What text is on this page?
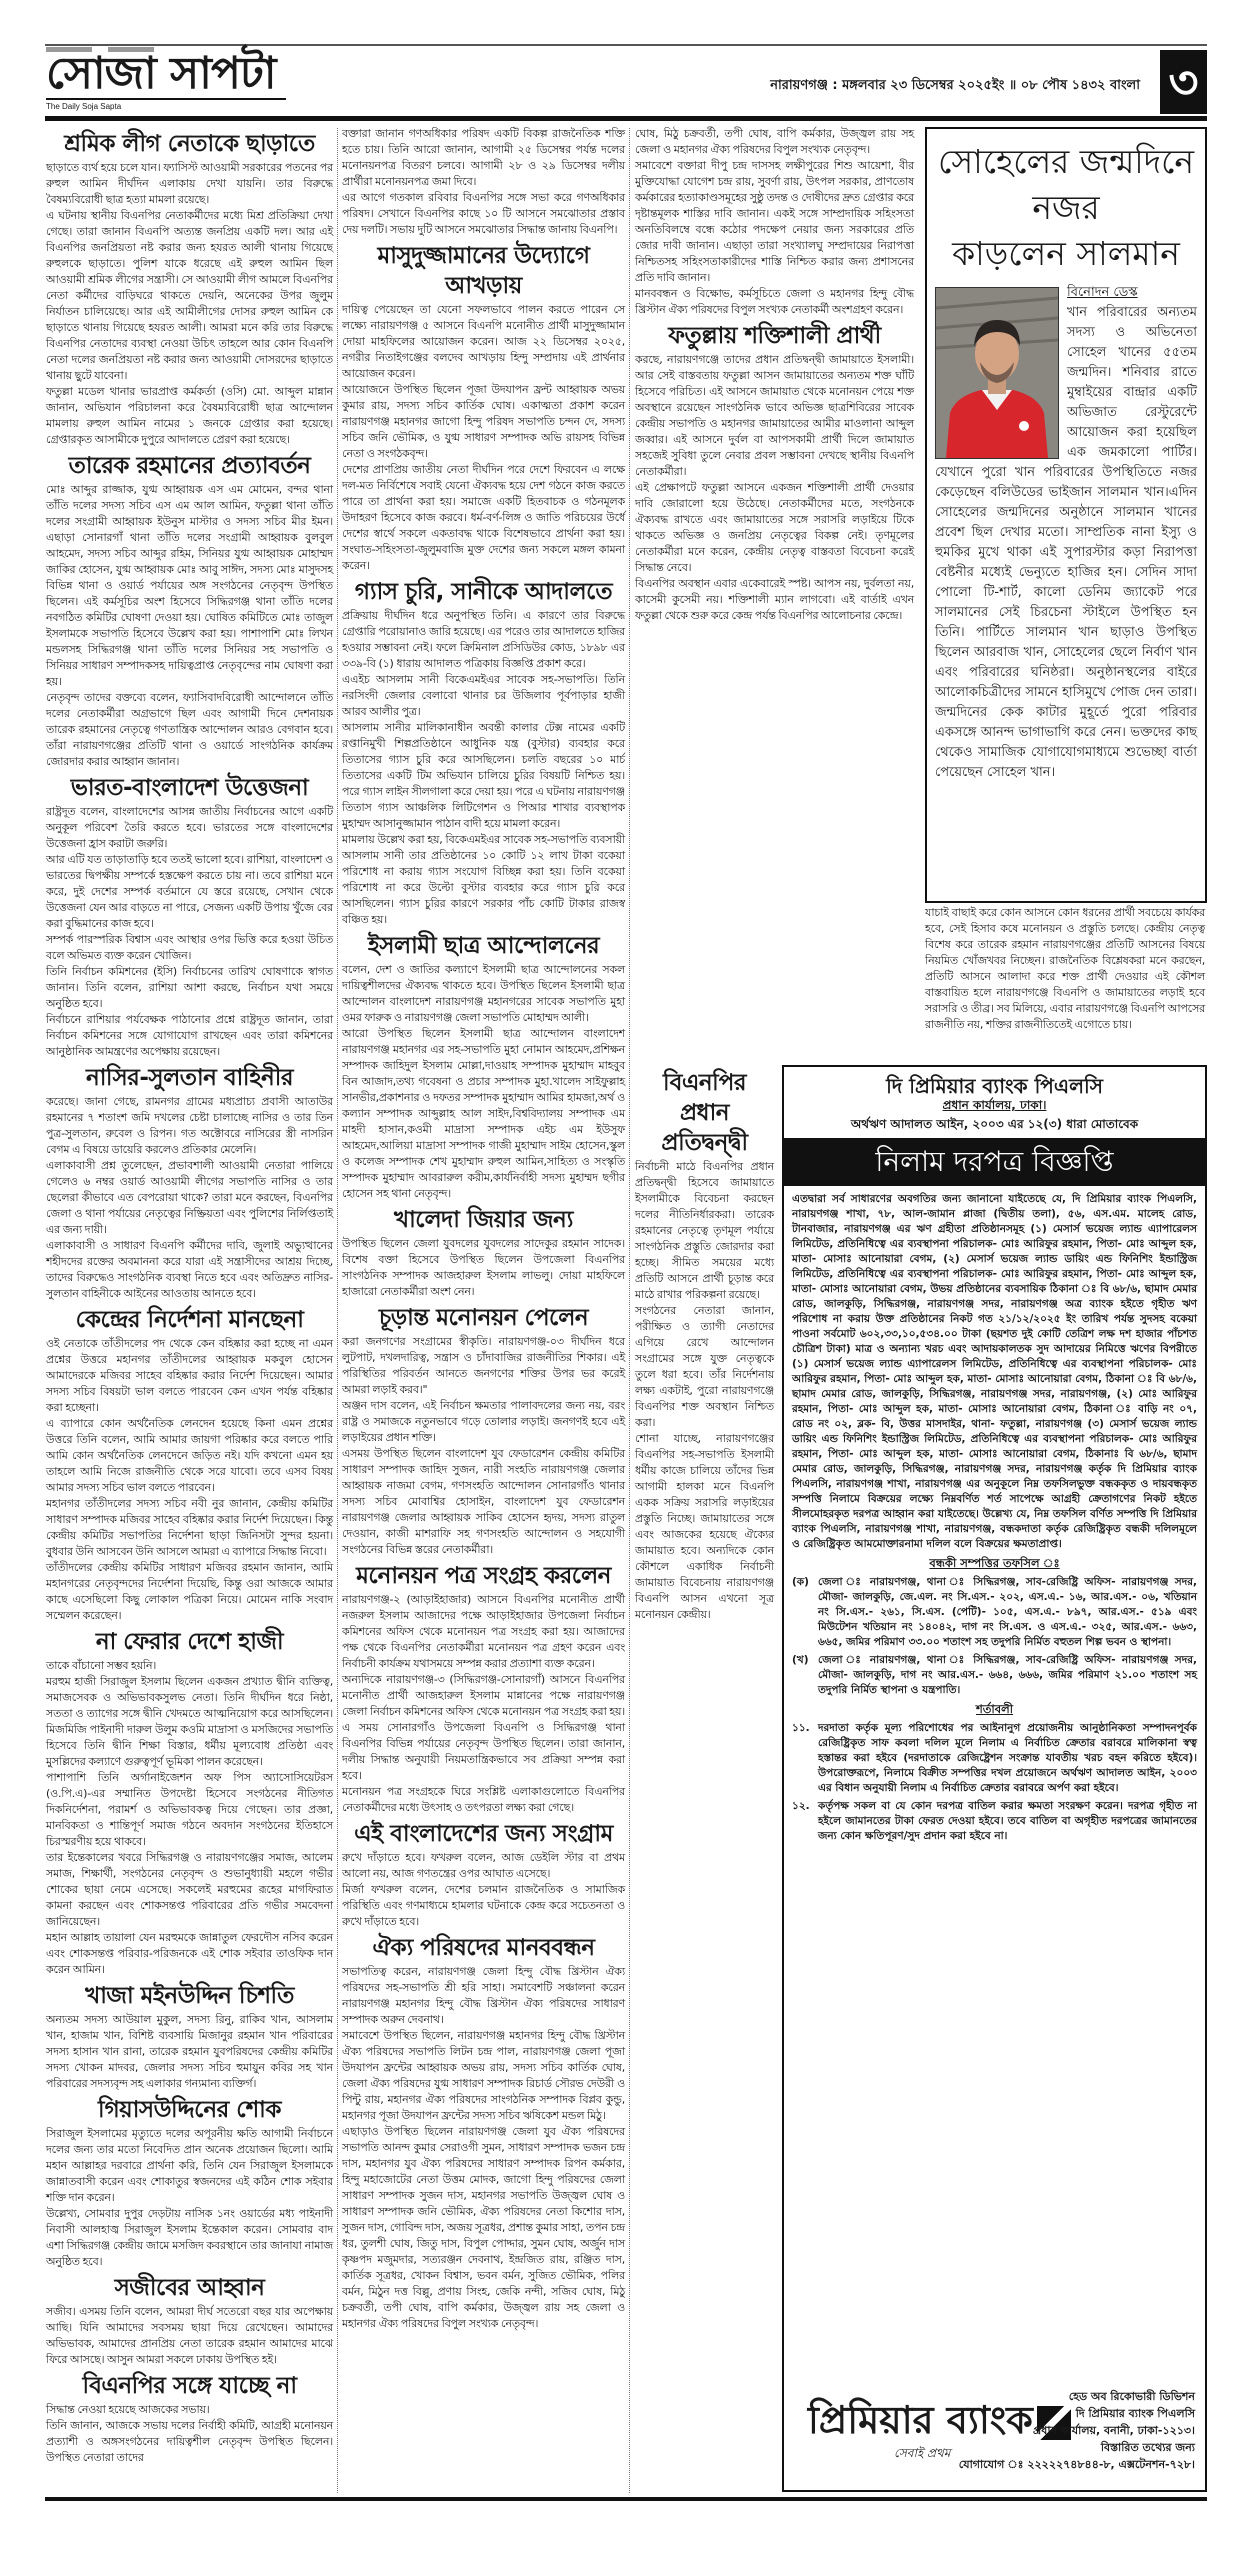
সোজা সাপটা
The Daily Soja Sapta
নারায়ণগঞ্জ : মঙ্গলবার ২৩ ডিসেম্বর ২০২৫ইং ॥ ০৮ পৌষ ১৪৩২ বাংলা ৩
শ্রমিক লীগ নেতাকে ছাড়াতে

ছাড়াতে ব্যর্থ হয়ে চলে যান। ফ্যাসিস্ট আওয়ামী সরকারের পতনের পর রুহুল আমিন দীর্ঘদিন এলাকায় দেখা যায়নি। তার বিরুদ্ধে বৈষম্যবিরোধী ছাত্র হত্যা মামলা রয়েছে।

এ ঘটনায় স্থানীয় বিএনপির নেতাকর্মীদের মধ্যে মিশ্র প্রতিক্রিয়া দেখা গেছে। তারা জানান বিএনপি অত্যন্ত জনপ্রিয় একটি দল। আর এই বিএনপির জনপ্রিয়তা নষ্ট করার জন্য হযরত আলী থানায় গিয়েছে রুহুলকে ছাড়াতে। পুলিশ যাকে ধরেছে এই রুহুল আমিন ছিল আওয়ামী শ্রমিক লীগের সন্ত্রাসী। সে আওয়ামী লীগ আমলে বিএনপির নেতা কর্মীদের বাড়িঘরে থাকতে দেয়নি, অনেকের উপর জুলুম নির্যাতন চালিয়েছে। আর এই আমীলীগের দোসর রুহুল আমিন কে ছাড়াতে থানায় গিয়েছে হযরত আলী। আমরা মনে করি তার বিরুদ্ধে বিএনপির নেতাদের ব্যবস্থা নেওয়া উচিৎ তাহলে আর কোন বিএনপি নেতা দলের জনপ্রিয়তা নষ্ট করার জন্য আওয়ামী দোসরদের ছাড়াতে থানায় ছুটে যাবেনা।

ফতুল্লা মডেল থানার ভারপ্রাপ্ত কর্মকর্তা (ওসি) মো. আব্দুল মান্নান জানান, অভিযান পরিচালনা করে বৈষম্যবিরোধী ছাত্র আন্দোলন মামলায় রুহুল আমিন নামের ১ জনকে গ্রেপ্তার করা হয়েছে। গ্রেপ্তারকৃত আসামীকে দুপুরে আদালতে প্রেরণ করা হয়েছে।

তারেক রহমানের প্রত্যাবর্তন

মোঃ আব্দুর রাজ্জাক, যুগ্ম আহ্বায়ক এস এম মোমেন, বন্দর থানা তাঁতি দলের সদস্য সচিব এস এম আল আমিন, ফতুল্লা থানা তাঁতি দলের সংগ্রামী আহ্বায়ক ইউনুস মাস্টার ও সদস্য সচিব মীর ইমন। এছাড়া সোনারগাঁ থানা তাঁতি দলের সংগ্রামী আহ্বায়ক বুলবুল আহমেদ, সদস্য সচিব আব্দুর রহিম, সিনিয়র যুগ্ম আহ্বায়ক মোহাম্মদ জাকির হোসেন, যুগ্ম আহ্বায়ক মোঃ আবু সাঈদ, সদস্য মোঃ মাসুদসহ বিভিন্ন থানা ও ওয়ার্ড পর্যায়ের অঙ্গ সংগঠনের নেতৃবৃন্দ উপস্থিত ছিলেন। এই কর্মসূচির অংশ হিসেবে সিদ্ধিরগঞ্জ থানা তাঁতি দলের নবগঠিত কমিটির ঘোষণা দেওয়া হয়। ঘোষিত কমিটিতে মোঃ তাজুল ইসলামকে সভাপতি হিসেবে উল্লেখ করা হয়। পাশাপাশি মোঃ লিখন মন্ডলসহ সিদ্ধিরগঞ্জ থানা তাঁতি দলের সিনিয়র সহ সভাপতি ও সিনিয়র সাধারণ সম্পাদকসহ দায়িত্বপ্রাপ্ত নেতৃবৃন্দের নাম ঘোষণা করা হয়।

নেতৃবৃন্দ তাদের বক্তব্যে বলেন, ফ্যাসিবাদবিরোধী আন্দোলনে তাঁতি দলের নেতাকর্মীরা অগ্রভাগে ছিল এবং আগামী দিনে দেশনায়ক তারেক রহমানের নেতৃত্বে গণতান্ত্রিক আন্দোলন আরও বেগবান হবে। তাঁরা নারায়ণগঞ্জের প্রতিটি থানা ও ওয়ার্ডে সাংগঠনিক কার্যক্রম জোরদার করার আহ্বান জানান।

ভারত-বাংলাদেশ উত্তেজনা

রাষ্ট্রদূত বলেন, বাংলাদেশের আসন্ন জাতীয় নির্বাচনের আগে একটি অনুকূল পরিবেশ তৈরি করতে হবে। ভারতের সঙ্গে বাংলাদেশের উত্তেজনা হ্রাস করাটা জরুরি।

আর এটি যত তাড়াতাড়ি হবে ততই ভালো হবে। রাশিয়া, বাংলাদেশ ও ভারতের দ্বিপক্ষীয় সম্পর্কে হস্তক্ষেপ করতে চায় না। তবে রাশিয়া মনে করে, দুই দেশের সম্পর্ক বর্তমানে যে স্তরে রয়েছে, সেখান থেকে উত্তেজনা যেন আর বাড়তে না পারে, সেজন্য একটি উপায় খুঁজে বের করা বুদ্ধিমানের কাজ হবে।

সম্পর্ক পারস্পরিক বিশ্বাস এবং আস্থার ওপর ভিত্তি করে হওয়া উচিত বলে অভিমত ব্যক্ত করেন খোজিন।

তিনি নির্বাচন কমিশনের (ইসি) নির্বাচনের তারিখ ঘোষণাকে স্বাগত জানান। তিনি বলেন, রাশিয়া আশা করছে, নির্বাচন যথা সময়ে অনুষ্ঠিত হবে।

নির্বাচনে রাশিয়ার পর্যবেক্ষক পাঠানোর প্রশ্নে রাষ্ট্রদূত জানান, তারা নির্বাচন কমিশনের সঙ্গে যোগাযোগ রাখছেন এবং তারা কমিশনের আনুষ্ঠানিক আমন্ত্রণের অপেক্ষায় রয়েছেন।

নাসির-সুলতান বাহিনীর

করেছে। জানা গেছে, রামনগর গ্রামের মধ্যপ্রাচ্য প্রবাসী আতাউর রহমানের ৭ শতাংশ জমি দখলের চেষ্টা চালাচ্ছে নাসির ও তার তিন পুত্র-সুলতান, রুবেল ও রিপন। গত অক্টোবরে নাসিরের স্ত্রী নাসরিন বেগম এ বিষয়ে ডায়েরি করলেও প্রতিকার মেলেনি।

এলাকাবাসী প্রশ্ন তুলেছেন, প্রভাবশালী আওয়ামী নেতারা পালিয়ে গেলেও ৬ নম্বর ওয়ার্ড আওয়ামী লীগের সভাপতি নাসির ও তার ছেলেরা কীভাবে এত বেপরোয়া থাকে? তারা মনে করছেন, বিএনপির জেলা ও থানা পর্যায়ের নেতৃত্বের নিষ্ক্রিয়তা এবং পুলিশের নির্লিপ্ততাই এর জন্য দায়ী।

এলাকাবাসী ও সাধারণ বিএনপি কর্মীদের দাবি, জুলাই অভ্যুত্থানের শহীদদের রক্তের অবমাননা করে যারা এই সন্ত্রাসীদের আশ্রয় দিচ্ছে, তাদের বিরুদ্ধেও সাংগঠনিক ব্যবস্থা নিতে হবে এবং অতিদ্রুত নাসির-সুলতান বাহিনীকে আইনের আওতায় আনতে হবে।

কেন্দ্রের নির্দেশনা মানছেনা

ওই নেতাকে তাঁতীদলের পদ থেকে কেন বহিষ্কার করা হচ্ছে না এমন প্রশ্নের উত্তরে মহানগর তাঁতীদলের আহ্বায়ক মকবুল হোসেন আমাদেরকে মজিবর সাহেব বহিষ্কার করার নির্দেশ দিয়েছেন। আমার সদস্য সচিব বিষয়টা ভাল বলতে পারবেন কেন এখন পর্যন্ত বহিষ্কার করা হচ্ছেনা।

এ ব্যাপারে কোন অর্থনৈতিক লেনদেন হয়েছে কিনা এমন প্রশ্নের উত্তরে তিনি বলেন, আমি আমার জায়গা পরিষ্কার করে বলতে পারি আমি কোন অর্থনৈতিক লেনদেনে জড়িত নই। যদি কখনো এমন হয় তাহলে আমি নিজে রাজনীতি থেকে সরে যাবো। তবে এসব বিষয় আমার সদস্য সচিব ভাল বলতে পারবেন।

মহানগর তাঁতীদলের সদস্য সচিব নবী নুর জানান, কেন্দ্রীয় কমিটির সাধারণ সম্পাদক মজিবর সাহেব বহিষ্কার করার নির্দেশ দিয়েছেন। কিন্তু কেন্দ্রীয় কমিটির সভাপতির নির্দেশনা ছাড়া জিনিসটা সুন্দর হয়না। বুধবার উনি আসবেন উনি আসলে আমরা এ ব্যাপারে সিদ্ধান্ত নিবো।

তাঁতীদলের কেন্দ্রীয় কমিটির সাধারণ মজিবর রহমান জানান, আমি মহানগরের নেতৃবৃন্দদের নির্দেশনা দিয়েছি, কিন্তু ওরা আজকে আমার কাছে এসেছিলো কিছু লোকাল পত্রিকা নিয়ে। মোমেন নাকি সংবাদ সম্মেলন করেছেন।

না ফেরার দেশে হাজী

তাকে বাঁচানো সম্ভব হয়নি।

মরহুম হাজী সিরাজুল ইসলাম ছিলেন একজন প্রখ্যাত দ্বীনি ব্যক্তিত্ব, সমাজসেবক ও অভিভাবকসুলভ নেতা। তিনি দীর্ঘদিন ধরে নিষ্ঠা, সততা ও ত্যাগের সঙ্গে দ্বীনি খেদমতে আত্মনিয়োগ করে আসছিলেন। মিজমিজি পাইনাদী দারুল উলুম কওমি মাদ্রাসা ও মসজিদের সভাপতি হিসেবে তিনি দ্বীনি শিক্ষা বিস্তার, ধর্মীয় মূল্যবোধ প্রতিষ্ঠা এবং মুসল্লিদের কল্যাণে গুরুত্বপূর্ণ ভূমিকা পালন করেছেন।

পাশাপাশি তিনি অর্গানাইজেশন অফ পিস অ্যাসোসিয়েটরস (ও.পি.এ)-এর সম্মানিত উপদেষ্টা হিসেবে সংগঠনের নীতিগত দিকনির্দেশনা, পরামর্শ ও অভিভাবকত্ব দিয়ে গেছেন। তার প্রজ্ঞা, মানবিকতা ও শান্তিপূর্ণ সমাজ গঠনে অবদান সংগঠনের ইতিহাসে চিরস্মরণীয় হয়ে থাকবে।

তার ইন্তেকালের খবরে সিদ্ধিরগঞ্জ ও নারায়ণগঞ্জের সমাজ, আলেম সমাজ, শিক্ষার্থী, সংগঠনের নেতৃবৃন্দ ও শুভানুধ্যায়ী মহলে গভীর শোকের ছায়া নেমে এসেছে। সকলেই মরহুমের রূহের মাগফিরাত কামনা করছেন এবং শোকসন্তপ্ত পরিবারের প্রতি গভীর সমবেদনা জানিয়েছেন।

মহান আল্লাহ তায়ালা যেন মরহুমকে জান্নাতুল ফেরদৌস নসিব করেন এবং শোকসন্তপ্ত পরিবার-পরিজনকে এই শোক সইবার তাওফিক দান করেন আমিন।

খাজা মইনউদ্দিন চিশতি

অন্যতম সদস্য আউয়াল মুকুল, সদস্য রিনু, রাকিব খান, আসলাম খান, হাজাম খান, বিশিষ্ট ব্যবসায়ি মিজানুর রহমান খান পরিবারের সদস্য হাসান খান রানা, তারেক রহমান যুবপরিষদের কেন্দ্রীয় কমিটির সদস্য খোকন মাদবর, জেলার সদস্য সচিব হুমায়ুন কবির সহ খান পরিবারের সদস্যবৃন্দ সহ এলাকার গন্যমান্য ব্যক্তির্গ।

গিয়াসউদ্দিনের শোক

সিরাজুল ইসলামের মৃত্যুতে দলের অপূরনীয় ক্ষতি আগামী নির্বাচনে দলের জন্য তার মতো নিবেদিত প্রান অনেক প্রয়োজন ছিলো। আমি মহান আল্লাহর দরবারে প্রার্থনা করি, তিনি যেন সিরাজুল ইসলামকে জান্নাতবাসী করেন এবং শোকাতুর স্বজনদের এই কঠিন শোক সইবার শক্তি দান করেন।

উল্লেখ্য, সোমবার দুপুর দেড়টায় নাসিক ১নং ওয়ার্ডের মধ্য পাইনাদী নিবাসী আলহাজ্ব সিরাজুল ইসলাম ইন্তেকাল করেন। সোমবার বাদ এশা সিদ্ধিরগঞ্জ কেন্দ্রীয় জামে মসজিদ কবরস্থানে তার জানাযা নামাজ অনুষ্ঠিত হবে।

সজীবের আহ্বান

সজীব। এসময় তিনি বলেন, আমরা দীর্ঘ সতেরো বছর যার অপেক্ষায় আছি। যিনি আমাদের সবসময় ছায়া দিয়ে রেখেছেন। আমাদের অভিভাবক, আমাদের প্রানপ্রিয় নেতা তারেক রহমান আমাদের মাঝে ফিরে আসছে। আসুন আমরা সকলে ঢাকায় উপস্থিত হই।

বিএনপির সঙ্গে যাচ্ছে না

সিদ্ধান্ত নেওয়া হয়েছে আজকের সভায়।

তিনি জানান, আজকে সভায় দলের নির্বাহী কমিটি, আগ্রহী মনোনয়ন প্রত্যাশী ও অঙ্গসংগঠনের দায়িত্বশীল নেতৃবৃন্দ উপস্থিত ছিলেন। উপস্থিত নেতারা তাদের

বক্তারা জানান গণঅধিকার পরিষদ একটি বিকল্প রাজনৈতিক শক্তি হতে চায়। তিনি আরো জানান, আগামী ২৫ ডিসেম্বর পর্যন্ত দলের মনোনয়নপত্র বিতরণ চলবে। আগামী ২৮ ও ২৯ ডিসেম্বর দলীয় প্রার্থীরা মনোনয়নপত্র জমা দিবে।

এর আগে গতকাল রবিবার বিএনপির সঙ্গে সভা করে গণঅধিকার পরিষদ। সেখানে বিএনপির কাছে ১০ টি আসনে সমঝোতার প্রস্তাব দেয় দলটি। সভায় দুটি আসনে সমঝোতার সিদ্ধান্ত জানায় বিএনপি।

মাসুদুজ্জামানের উদ্যোগে আখড়ায়

দায়িত্ব পেয়েছেন তা যেনো সফলভাবে পালন করতে পারেন সে লক্ষ্যে নারায়ণগঞ্জ ৫ আসনে বিএনপি মনোনীত প্রার্থী মাসুদুজ্জামান দোয়া মাহফিলের আয়োজন করেন। আজ ২২ ডিসেম্বর ২০২৫, নগরীর নিতাইগঞ্জের বলদেব আখড়ায় হিন্দু সম্প্রদায় এই প্রার্থনার আয়োজন করেন।

আয়োজনে উপস্থিত ছিলেন পূজা উদযাপন ফ্রন্ট আহ্বায়ক অভয় কুমার রায়, সদস্য সচিব কার্তিক ঘোষ। একাত্মতা প্রকাশ করেন নারায়ণগঞ্জ মহানগর জাগো হিন্দু পরিষদ সভাপতি চন্দন দে, সদস্য সচিব জনি ভৌমিক, ও যুগ্ম সাধারণ সম্পাদক অভি রায়সহ বিভিন্ন নেতা ও সংগঠকবৃন্দ।

দেশের প্রাণপ্রিয় জাতীয় নেতা দীর্ঘদিন পরে দেশে ফিরবেন এ লক্ষে দল-মত নির্বিশেষে সবাই যেনো ঐক্যবদ্ধ হয়ে দেশ গঠনে কাজ করতে পারে তা প্রার্থনা করা হয়। সমাজে একটি হিতবাচক ও গঠনমূলক উদাহরণ হিসেবে কাজ করবে। ধর্ম-বর্ণ-লিঙ্গ ও জাতি পরিচয়ের উর্ধে দেশের স্বার্থে সকলে একতাবদ্ধ থাকে বিশেষভাবে প্রার্থনা করা হয়। সংঘাত-সহিংসতা-জুলুমবাজি মুক্ত দেশের জন্য সকলে মঙ্গল কামনা করেন।

গ্যাস চুরি, সানীকে আদালতে

প্রক্রিয়ায় দীর্ঘদিন ধরে অনুপস্থিত তিনি। এ কারণে তার বিরুদ্ধে গ্রেপ্তারি পরোয়ানাও জারি হয়েছে। এর পরেও তার আদালতে হাজির হওয়ার সম্ভাবনা নেই। ফলে ক্রিমিনাল প্রসিডিউর কোড, ১৮৯৮ এর ৩৩৯-বি (১) ধারায় আদালত পত্রিকায় বিজ্ঞপ্তি প্রকাশ করে।

এএইচ আসলাম সানী বিকেএমইএর সাবেক সহ-সভাপতি। তিনি নরসিংদী জেলার বেলাবো থানার চর উজিলাব পূর্বপাড়ার হাজী আরব আলীর পুত্র।

আসলাম সানীর মালিকানাধীন অবন্তী কালার টেক্স নামের একটি রপ্তানিমুখী শিল্পপ্রতিষ্ঠানে আধুনিক যন্ত্র (বুস্টার) ব্যবহার করে তিতাসের গ্যাস চুরি করে আসছিলেন। চলতি বছরের ১০ মার্চ তিতাসের একটি টিম অভিযান চালিয়ে চুরির বিষয়টি নিশ্চিত হয়। পরে গ্যাস লাইন সীলগালা করে দেয়া হয়। পরে এ ঘটনায় নারায়ণগঞ্জ তিতাস গ্যাস আঞ্চলিক লিটিগেশন ও পিআর শাখার ব্যবস্থাপক মুহাম্মদ আসানুজ্জামান পাঠান বাদী হয়ে মামলা করেন।

মামলায় উল্লেখ করা হয়, বিকেএমইএর সাবেক সহ-সভাপতি ব্যবসায়ী আসলাম সানী তার প্রতিষ্ঠানের ১০ কোটি ১২ লাখ টাকা বকেয়া পরিশোধ না করায় গ্যাস সংযোগ বিচ্ছিন্ন করা হয়। তিনি বকেয়া পরিশোধ না করে উল্টো বুস্টার ব্যবহার করে গ্যাস চুরি করে আসছিলেন। গ্যাস চুরির কারণে সরকার পাঁচ কোটি টাকার রাজস্ব বঞ্চিত হয়।

ইসলামী ছাত্র আন্দোলনের

বলেন, দেশ ও জাতির কল্যাণে ইসলামী ছাত্র আন্দোলনের সকল দায়িত্বশীলদের ঐক্যবদ্ধ থাকতে হবে। উপস্থিত ছিলেন ইসলামী ছাত্র আন্দোলন বাংলাদেশ নারায়ণগঞ্জ মহানগরের সাবেক সভাপতি মুহা ওমর ফারুক ও নারায়ণগঞ্জ জেলা সভাপতি মোহাম্মদ আলী।

আরো উপস্থিত ছিলেন ইসলামী ছাত্র আন্দোলন বাংলাদেশ নারায়ণগঞ্জ মহানগর এর সহ-সভাপতি মুহা নোমান আহমেদ,প্রশিক্ষন সম্পাদক জাহিদুল ইসলাম মোল্লা,দাওয়াহ সম্পাদক মুহাম্মাদ মাহবুব বিন আজাদ,তথ্য গবেষনা ও প্রচার সম্পাদক মুহা.খালেদ সাইফুল্লাহ সানভীর,প্রকাশনার ও দফতর সম্পাদক মুহাম্মাদ আমির হামজা,অর্থ ও কল্যান সম্পাদক আব্দুল্লাহ আল সাইদ,বিশ্ববিদ্যালয় সম্পাদক এম মাহদী হাসান,কওমী মাদ্রাসা সম্পাদক এইচ এম ইউসুফ আহমেদ,আলিয়া মাদ্রাসা সম্পাদক গাজী মুহাম্মাদ সাইম হোসেন,স্কুল ও কলেজ সম্পাদক শেখ মুহাম্মাদ রুহুল আমিন,সাহিত্য ও সংস্কৃতি সম্পাদক মুহাম্মাদ আবরারুল করীম,কার্যনির্বাহী সদস্য মুহাম্মদ ছগীর হোসেন সহ থানা নেতৃবৃন্দ।

খালেদা জিয়ার জন্য

উপস্থিত ছিলেন জেলা যুবদলের যুবদলের সাদেকুর রহমান সাদেক। বিশেষ বক্তা হিসেবে উপস্থিত ছিলেন উপজেলা বিএনপির সাংগঠনিক সম্পাদক আজহারুল ইসলাম লাভলু। দোয়া মাহফিলে হাজারো নেতাকর্মীরা অংশ নেন।

চূড়ান্ত মনোনয়ন পেলেন

করা জনগণের সংগ্রামের স্বীকৃতি। নারায়ণগঞ্জ-০৩ দীর্ঘদিন ধরে লুটপাট, দখলদারিত্ব, সন্ত্রাস ও চাঁদাবাজির রাজনীতির শিকার। এই পরিস্থিতির পরিবর্তন আনতে জনগণের শক্তির উপর ভর করেই আমরা লড়াই করব।"

অঞ্জন দাস বলেন, এই নির্বাচন ক্ষমতার পালাবদলের জন্য নয়, বরং রাষ্ট্র ও সমাজকে নতুনভাবে গড়ে তোলার লড়াই। জনগণই হবে এই লড়াইয়ের প্রধান শক্তি।

এসময় উপস্থিত ছিলেন বাংলাদেশ যুব ফেডারেশন কেন্দ্রীয় কমিটির সাধারণ সম্পাদক জাহিদ সুজন, নারী সংহতি নারায়ণগঞ্জ জেলার আহ্বায়ক নাজমা বেগম, গণসংহতি আন্দোলন সোনারগাঁও থানার সদস্য সচিব মোবাশ্বির হোসাইন, বাংলাদেশ যুব ফেডারেশন নারায়ণগঞ্জ জেলার আহ্বায়ক সাকিব হোসেন হৃদয়, সদস্য রাতুল দেওয়ান, কাজী মাশরাফি সহ গণসংহতি আন্দোলন ও সহযোগী সংগঠনের বিভিন্ন স্তরের নেতাকর্মীরা।

মনোনয়ন পত্র সংগ্রহ করলেন

নারায়ণগঞ্জ-২ (আড়াইহাজার) আসনে বিএনপির মনোনীত প্রার্থী নজরুল ইসলাম আজাদের পক্ষে আড়াইহাজার উপজেলা নির্বাচন কমিশনের অফিস থেকে মনোনয়ন পত্র সংগ্রহ করা হয়। আজাদের পক্ষ থেকে বিএনপির নেতাকর্মীরা মনোনয়ন পত্র গ্রহণ করেন এবং নির্বাচনী কার্যক্রম যথাসময়ে সম্পন্ন করার প্রত্যাশা ব্যক্ত করেন।

অন্যদিকে নারায়ণগঞ্জ-৩ (সিদ্ধিরগঞ্জ-সোনারগাঁ) আসনে বিএনপির মনোনীত প্রার্থী আজহারুল ইসলাম মান্নানের পক্ষে নারায়ণগঞ্জ জেলা নির্বাচন কমিশনের অফিস থেকে মনোনয়ন পত্র সংগ্রহ করা হয়। এ সময় সোনারগাঁও উপজেলা বিএনপি ও সিদ্ধিরগঞ্জ থানা বিএনপির বিভিন্ন পর্যায়ের নেতৃবৃন্দ উপস্থিত ছিলেন। তারা জানান, দলীয় সিদ্ধান্ত অনুযায়ী নিয়মতান্ত্রিকভাবে সব প্রক্রিয়া সম্পন্ন করা হবে।

মনোনয়ন পত্র সংগ্রহকে ঘিরে সংশ্লিষ্ট এলাকাগুলোতে বিএনপির নেতাকর্মীদের মধ্যে উৎসাহ ও তৎপরতা লক্ষ্য করা গেছে।

এই বাংলাদেশের জন্য সংগ্রাম

রুখে দাঁড়াতে হবে। ফখরুল বলেন, আজ ডেইলি স্টার বা প্রথম আলো নয়, আজ গণতন্ত্রের ওপর আঘাত এসেছে।

মির্জা ফখরুল বলেন, দেশের চলমান রাজনৈতিক ও সামাজিক পরিস্থিতি এবং গণমাধ্যমে হামলার ঘটনাকে কেন্দ্র করে সচেতনতা ও রুখে দাঁড়াতে হবে।

ঐক্য পরিষদের মানববন্ধন

সভাপতিত্ব করেন, নারায়ণগঞ্জ জেলা হিন্দু বৌদ্ধ খ্রিস্টান ঐক্য পরিষদের সহ-সভাপতি শ্রী হরি সাহা। সমাবেশটি সঞ্চালনা করেন নারায়ণগঞ্জ মহানগর হিন্দু বৌদ্ধ খ্রিস্টান ঐক্য পরিষদের সাধারণ সম্পাদক অরুন দেবনাথ।

সমাবেশে উপস্থিত ছিলেন, নারায়ণগঞ্জ মহানগর হিন্দু বৌদ্ধ খ্রিস্টান ঐক্য পরিষদের সভাপতি লিটন চন্দ্র পাল, নারায়ণগঞ্জ জেলা পূজা উদযাপন ফ্রন্টের আহ্বায়ক অভয় রায়, সদস্য সচিব কার্তিক ঘোষ, জেলা ঐক্য পরিষদের যুগ্ম সাধারণ সম্পাদক রিচার্ড সৌরভ দেউরী ও পিন্টু রায়, মহানগর ঐক্য পরিষদের সাংগঠনিক সম্পাদক বিপ্লব কুন্ডু, মহানগর পূজা উদযাপন ফ্রন্টের সদস্য সচিব ঋষিকেশ মন্ডল মিঠু।

এছাড়াও উপস্থিত ছিলেন নারায়ণগঞ্জ জেলা যুব ঐক্য পরিষদের সভাপতি আনন্দ কুমার সেরাওগী সুমন, সাধারণ সম্পাদক ভজন চন্দ্র দাস, মহানগর যুব ঐক্য পরিষদের সাধারণ সম্পাদক রিপন কর্মকার, হিন্দু মহাজোটের নেতা উত্তম মোদক, জাগো হিন্দু পরিষদের জেলা সাধারণ সম্পাদক সুজন দাস, মহানগর সভাপতি উজ্জ্বল ঘোষ ও সাধারণ সম্পাদক জনি ভৌমিক, ঐক্য পরিষদের নেতা কিশোর দাস, সুজন দাস, গোবিন্দ দাস, অজয় সূত্রধর, প্রশান্ত কুমার সাহা, তপন চন্দ্র ধর, তুলশী ঘোষ, জিতু দাস, বিপুল পোদ্দার, সুমন ঘোষ, অর্জুন দাস কৃষ্ণপদ মজুমদার, সত্যরঞ্জন দেবনাথ, ইন্দ্রজিত রায়, রঞ্জিত দাস, কার্তিক সূত্রধর, খোকন বিশ্বাস, ভবন বর্মন, সুজিত ভৌমিক, পলির বর্মন, মিঠুন দত্ত বিল্লু, প্রণায় সিংহ, জেকি নন্দী, সজিব ঘোষ, মিঠু চক্রবর্তী, তপী ঘোষ, বাপি কর্মকার, উজ্জ্বল রায় সহ জেলা ও মহানগর ঐক্য পরিষদের বিপুল সংখ্যক নেতৃবৃন্দ।

ঘোষ, মিঠু চক্রবর্তী, তপী ঘোষ, বাপি কর্মকার, উজ্জ্বল রায় সহ জেলা ও মহানগর ঐক্য পরিষদের বিপুল সংখ্যক নেতৃবৃন্দ।

সমাবেশে বক্তারা দীপু চন্দ্র দাসসহ লক্ষীপুরের শিশু আয়েশা, বীর মুক্তিযোদ্ধা যোগেশ চন্দ্র রায়, সুবর্ণা রায়, উৎপল সরকার, প্রাণতোষ কর্মকারের হত্যাকাণ্ডসমূহের সুষ্ঠু তদন্ত ও দোষীদের দ্রুত গ্রেপ্তার করে দৃষ্টান্তমূলক শাস্তির দাবি জানান। একই সঙ্গে সাম্প্রদায়িক সহিংসতা অনতিবিলম্বে বন্ধে কঠোর পদক্ষেপ নেয়ার জন্য সরকারের প্রতি জোর দাবী জানান। এছাড়া তারা সংখ্যালঘু সম্প্রদায়ের নিরাপত্তা নিশ্চিতসহ সহিংসতাকারীদের শাস্তি নিশ্চিত করার জন্য প্রশাসনের প্রতি দাবি জানান।

মানববন্ধন ও বিক্ষোভ, কর্মসূচিতে জেলা ও মহানগর হিন্দু বৌদ্ধ খ্রিস্টান ঐক্য পরিষদের বিপুল সংখ্যক নেতাকর্মী অংশগ্রহণ করেন।

ফতুল্লায় শক্তিশালী প্রার্থী

করছে, নারায়ণগঞ্জে তাদের প্রধান প্রতিদ্বন্দ্বী জামায়াতে ইসলামী। আর সেই বাস্তবতায় ফতুল্লা আসন জামায়াতের অন্যতম শক্ত ঘাঁটি হিসেবে পরিচিত। এই আসনে জামায়াত থেকে মনোনয়ন পেয়ে শক্ত অবস্থানে রয়েছেন সাংগঠনিক ভাবে অভিজ্ঞ ছাত্রশিবিরের সাবেক কেন্দ্রীয় সভাপতি ও মহানগর জামায়াতের আমীর মাওলানা আব্দুল জব্বার। এই আসনে দুর্বল বা আপসকামী প্রার্থী দিলে জামায়াত সহজেই সুবিধা তুলে নেবার প্রবল সম্ভাবনা দেখছে স্থানীয় বিএনপি নেতাকর্মীরা।

এই প্রেক্ষাপটে ফতুল্লা আসনে একজন শক্তিশালী প্রার্থী দেওয়ার দাবি জোরালো হয়ে উঠেছে। নেতাকর্মীদের মতে, সংগঠনকে ঐক্যবদ্ধ রাখতে এবং জামায়াতের সঙ্গে সরাসরি লড়াইয়ে টিকে থাকতে অভিজ্ঞ ও জনপ্রিয় নেতৃত্বের বিকল্প নেই। তৃণমূলের নেতাকর্মীরা মনে করেন, কেন্দ্রীয় নেতৃত্ব বাস্তবতা বিবেচনা করেই সিদ্ধান্ত নেবে।

বিএনপির অবস্থান এবার একেবারেই স্পষ্ট। আপস নয়, দুর্বলতা নয়, কাসেমী কুসেমী নয়। শক্তিশালী ম্যান লাগবো। এই বার্তাই এখন ফতুল্লা থেকে শুরু করে কেন্দ্র পর্যন্ত বিএনপির আলোচনার কেন্দ্রে।

বিএনপির প্রধান প্রতিদ্বন্দ্বী

নির্বাচনী মাঠে বিএনপির প্রধান প্রতিদ্বন্দ্বী হিসেবে জামায়াতে ইসলামীকে বিবেচনা করছেন দলের নীতিনির্ধারকরা। তারেক রহমানের নেতৃত্বে তৃণমূল পর্যায়ে সাংগঠনিক প্রস্তুতি জোরদার করা হচ্ছে। সীমিত সময়ের মধ্যে প্রতিটি আসনে প্রার্থী চূড়ান্ত করে মাঠে রাখার পরিকল্পনা রয়েছে।

সংগঠনের নেতারা জানান, পরীক্ষিত ও ত্যাগী নেতাদের এগিয়ে রেখে আন্দোলন সংগ্রামের সঙ্গে যুক্ত নেতৃত্বকে তুলে ধরা হবে। তাঁর নির্দেশনায় লক্ষ্য একটাই, পুরো নারায়ণগঞ্জে বিএনপির শক্ত অবস্থান নিশ্চিত করা।

শোনা যাচ্ছে, নারায়ণগঞ্জের বিএনপির সহ-সভাপতি ইসলামী ধর্মীয় কাজে চালিয়ে তাঁদের ভিন্ন আগামী হালকা মনে বিএনপি একক সক্রিয় সরাসরি লড়াইয়ের প্রস্তুতি নিচ্ছে। জামায়াতের সঙ্গে এবং আজকের হয়েছে ঐক্যের জামায়াত হবে। অন্যদিকে কোন কৌশলে একাধিক নির্বাচনী জামায়াত বিবেচনায় নারায়ণগঞ্জ বিএনপি আসন এখনো সূত্র মনোনয়ন কেন্দ্রীয়।

সোহেলের জন্মদিনে নজর
কাড়লেন সালমান
বিনোদন ডেস্ক
খান পরিবারের অন্যতম সদস্য ও অভিনেতা সোহেল খানের ৫৫তম জন্মদিন। শনিবার রাতে মুম্বাইয়ের বান্দ্রার একটি অভিজাত রেস্টুরেন্টে আয়োজন করা হয়েছিল এক জমকালো পার্টির। যেখানে পুরো খান পরিবারের উপস্থিতিতে নজর কেড়েছেন বলিউডের ভাইজান সালমান খান।এদিন সোহেলের জন্মদিনের অনুষ্ঠানে সালমান খানের প্রবেশ ছিল দেখার মতো। সাম্প্রতিক নানা ইস্যু ও হুমকির মুখে থাকা এই সুপারস্টার কড়া নিরাপত্তা বেষ্টনীর মধ্যেই ভেন্যুতে হাজির হন। সেদিন সাদা পোলো টি-শার্ট, কালো ডেনিম জ্যাকেট পরে সালমানের সেই চিরচেনা স্টাইলে উপস্থিত হন তিনি। পার্টিতে সালমান খান ছাড়াও উপস্থিত ছিলেন আরবাজ খান, সোহেলের ছেলে নির্বাণ খান এবং পরিবারের ঘনিষ্ঠরা। অনুষ্ঠানস্থলের বাইরে আলোকচিত্রীদের সামনে হাসিমুখে পোজ দেন তারা। জন্মদিনের কেক কাটার মুহূর্তে পুরো পরিবার একসঙ্গে আনন্দ ভাগাভাগি করে নেন। ভক্তদের কাছ থেকেও সামাজিক যোগাযোগমাধ্যমে শুভেচ্ছা বার্তা পেয়েছেন সোহেল খান।

যাচাই বাছাই করে কোন আসনে কোন ধরনের প্রার্থী সবচেয়ে কার্যকর হবে, সেই হিসাব কষে মনোনয়ন ও প্রস্তুতি চলছে। কেন্দ্রীয় নেতৃত্ব বিশেষ করে তারেক রহমান নারায়ণগঞ্জের প্রতিটি আসনের বিষয়ে নিয়মিত খোঁজখবর নিচ্ছেন। রাজনৈতিক বিশ্লেষকরা মনে করছেন, প্রতিটি আসনে আলাদা করে শক্ত প্রার্থী দেওয়ার এই কৌশল বাস্তবায়িত হলে নারায়ণগঞ্জে বিএনপি ও জামায়াতের লড়াই হবে সরাসরি ও তীব্র। সব মিলিয়ে, এবার নারায়ণগঞ্জে বিএনপি আপসের রাজনীতি নয়, শক্তির রাজনীতিতেই এগোতে চায়।

দি প্রিমিয়ার ব্যাংক পিএলসি
প্রধান কার্যালয়, ঢাকা।
অর্থঋণ আদালত আইন, ২০০৩ এর ১২(৩) ধারা মোতাবেক
নিলাম দরপত্র বিজ্ঞপ্তি
এতদ্বারা সর্ব সাধারণের অবগতির জন্য জানানো যাইতেছে যে, দি প্রিমিয়ার ব্যাংক পিএলসি, নারায়ণগঞ্জ শাখা, ৭৮, আল-জামান প্লাজা (দ্বিতীয় তলা), ৫৬, এস.এম. মালেহ রোড, টানবাজার, নারায়ণগঞ্জ এর ঋণ গ্রহীতা প্রতিষ্ঠানসমূহ (১) মেসার্স ভয়েজ ল্যান্ড এ্যাপারেলস লিমিটেড, প্রতিনিধিত্বে এর ব্যবস্থাপনা পরিচালক- মোঃ আরিফুর রহমান, পিতা- মোঃ আব্দুল হক, মাতা- মোসাঃ আনোয়ারা বেগম, (২) মেসার্স ভয়েজ ল্যান্ড ডায়িং এন্ড ফিনিশিং ইন্ডাস্ট্রিজ লিমিটেড, প্রতিনিধিত্বে এর ব্যবস্থাপনা পরিচালক- মোঃ আরিফুর রহমান, পিতা- মোঃ আব্দুল হক, মাতা- মোসাঃ আনোয়ারা বেগম, উভয় প্রতিষ্ঠানের ব্যবসায়িক ঠিকানা ঃ বি ৬৮/৬, ছামাদ মেমার রোড, জালকুড়ি, সিদ্ধিরগঞ্জ, নারায়ণগঞ্জ সদর, নারায়ণগঞ্জ অত্র ব্যাংক হইতে গৃহীত ঋণ পরিশোধ না করায় উক্ত প্রতিষ্ঠানের নিকট গত ২১/১২/২০২৫ ইং তারিখ পর্যন্ত সুদসহ বকেয়া পাওনা সর্বমোট ৬০২,৩৩,১০,৫৩৪.০০ টাকা (ছয়শত দুই কোটি তেত্রিশ লক্ষ দশ হাজার পাঁচশত চৌত্রিশ টাকা) মাত্র ও অন্যান্য খরচ এবং আদায়কালতক সুদ আদায়ের নিমিত্তে ঋণের বিপরীতে (১) মেসার্স ভয়েজ ল্যান্ড এ্যাপারেলস লিমিটেড, প্রতিনিধিত্বে এর ব্যবস্থাপনা পরিচালক- মোঃ আরিফুর রহমান, পিতা- মোঃ আব্দুল হক, মাতা- মোসাঃ আনোয়ারা বেগম, ঠিকানা ঃ বি ৬৮/৬, ছামাদ মেমার রোড, জালকুড়ি, সিদ্ধিরগঞ্জ, নারায়ণগঞ্জ সদর, নারায়ণগঞ্জ, (২) মোঃ আরিফুর রহমান, পিতা- মোঃ আব্দুল হক, মাতা- মোসাঃ আনোয়ারা বেগম, ঠিকানা ঃ বাড়ি নং ০৭, রোড নং ০২, ব্লক- বি, উত্তর মাসদাইর, থানা- ফতুল্লা, নারায়ণগঞ্জ (৩) মেসার্স ভয়েজ ল্যান্ড ডায়িং এন্ড ফিনিশিং ইন্ডাস্ট্রিজ লিমিটেড, প্রতিনিধিত্বে এর ব্যবস্থাপনা পরিচালক- মোঃ আরিফুর রহমান, পিতা- মোঃ আব্দুল হক, মাতা- মোসাঃ আনোয়ারা বেগম, ঠিকানাঃ বি ৬৮/৬, ছামাদ মেমার রোড, জালকুড়ি, সিদ্ধিরগঞ্জ, নারায়ণগঞ্জ সদর, নারায়ণগঞ্জ কর্তৃক দি প্রিমিয়ার ব্যাংক পিএলসি, নারায়ণগঞ্জ শাখা, নারায়ণগঞ্জ এর অনুকূলে নিম্ন তফসিলভুক্ত বন্ধককৃত ও দায়বন্ধকৃত সম্পত্তি নিলামে বিক্রয়ের লক্ষ্যে নিম্নবর্ণিত শর্ত সাপেক্ষে আগ্রহী ক্রেতাগণের নিকট হইতে সীলমোহরকৃত দরপত্র আহ্বান করা যাইতেছে। উল্লেখ্য যে, নিম্ন তফসিল বর্ণিত সম্পত্তি দি প্রিমিয়ার ব্যাংক পিএলসি, নারায়ণগঞ্জ শাখা, নারায়ণগঞ্জ, বন্ধকদাতা কর্তৃক রেজিষ্ট্রিকৃত বন্ধকী দলিলমূলে ও রেজিষ্ট্রিকৃত আমমোক্তারনামা দলিল বলে বিক্রয়ের ক্ষমতাপ্রাপ্ত।
বন্ধকী সম্পত্তির তফসিল ঃ
(ক) জেলা ঃ নারায়ণগঞ্জ, থানা ঃ সিদ্ধিরগঞ্জ, সাব-রেজিষ্ট্রি অফিস- নারায়ণগঞ্জ সদর, মৌজা- জালকুড়ি, জে.এল. নং সি.এস.- ২০২, এস.এ.- ১৬, আর.এস.- ০৬, খতিয়ান নং সি.এস.- ২৬১, সি.এস. (পেটি)- ১০৫, এস.এ.- ৮৯৭, আর.এস.- ৫১৯ এবং মিউটেশন খতিয়ান নং ১৪০৪২, দাগ নং সি.এস. ও এস.এ.- ৩২৫, আর.এস.- ৬৬৩, ৬৬৫, জমির পরিমাণ ৩৩.০০ শতাংশ সহ তদুপরি নির্মিত বহুতল শিল্প ভবন ও স্থাপনা।
(খ) জেলা ঃ নারায়ণগঞ্জ, থানা ঃ সিদ্ধিরগঞ্জ, সাব-রেজিষ্ট্রি অফিস- নারায়ণগঞ্জ সদর, মৌজা- জালকুড়ি, দাগ নং আর.এস.- ৬৬৪, ৬৬৬, জমির পরিমাণ ২১.০০ শতাংশ সহ তদুপরি নির্মিত স্থাপনা ও যন্ত্রপাতি।
শর্তাবলী
১১. দরদাতা কর্তৃক মূল্য পরিশোধের পর আইনানুগ প্রয়োজনীয় আনুষ্ঠানিকতা সম্পাদনপূর্বক রেজিষ্ট্রিকৃত সাফ কবলা দলিল মূলে নিলাম এ নির্বাচিত ক্রেতার বরাবরে মালিকানা স্বত্ব হস্তান্তর করা হইবে (দরদাতাকে রেজিষ্ট্রেশন সংক্রান্ত যাবতীয় খরচ বহন করিতে হইবে)। উপরোক্তরূপে, নিলামে বিক্রীত সম্পত্তির দখল প্রয়োজনে অর্থঋণ আদালত আইন, ২০০৩ এর বিধান অনুযায়ী নিলাম এ নির্বাচিত ক্রেতার বরাবরে অর্পণ করা হইবে।
১২. কর্তৃপক্ষ সকল বা যে কোন দরপত্র বাতিল করার ক্ষমতা সংরক্ষণ করেন। দরপত্র গৃহীত না হইলে জামানতের টাকা ফেরত দেওয়া হইবে। তবে বাতিল বা অগৃহীত দরপত্রের জামানতের জন্য কোন ক্ষতিপূরণ/সুদ প্রদান করা হইবে না।
প্রিমিয়ার ব্যাংক
সেবাই প্রথম
হেড অব রিকোভারী ডিভিশন
দি প্রিমিয়ার ব্যাংক পিএলসি
প্রধান কার্যালয়, বনানী, ঢাকা-১২১৩।
বিস্তারিত তথ্যের জন্য
যোগাযোগ ঃ ২২২২২৭৪৮৪৪-৮, এক্সটেনশন-৭২৮।
